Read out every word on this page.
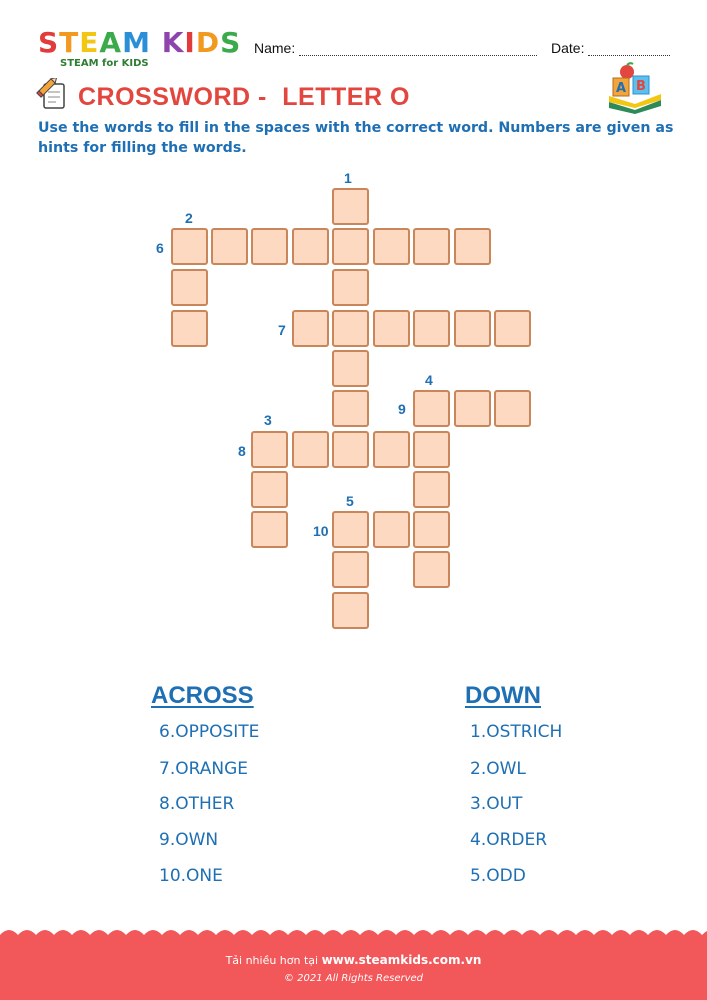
STEAM KIDS
STEAM for KIDS
Name:	Date:
CROSSWORD - LETTER O	A B
Use the words to fill in the spaces with the correct word. Numbers are given as hints for filling the words.
1
2
6
7
4
9
3
8
5
10
ACROSS
6.OPPOSITE
7.ORANGE
8.OTHER
9.OWN
10.ONE
DOWN
1.OSTRICH
2.OWL
3.OUT
4.ORDER
5.ODD
Tải nhiều hơn tại www.steamkids.com.vn
© 2021 All Rights Reserved
